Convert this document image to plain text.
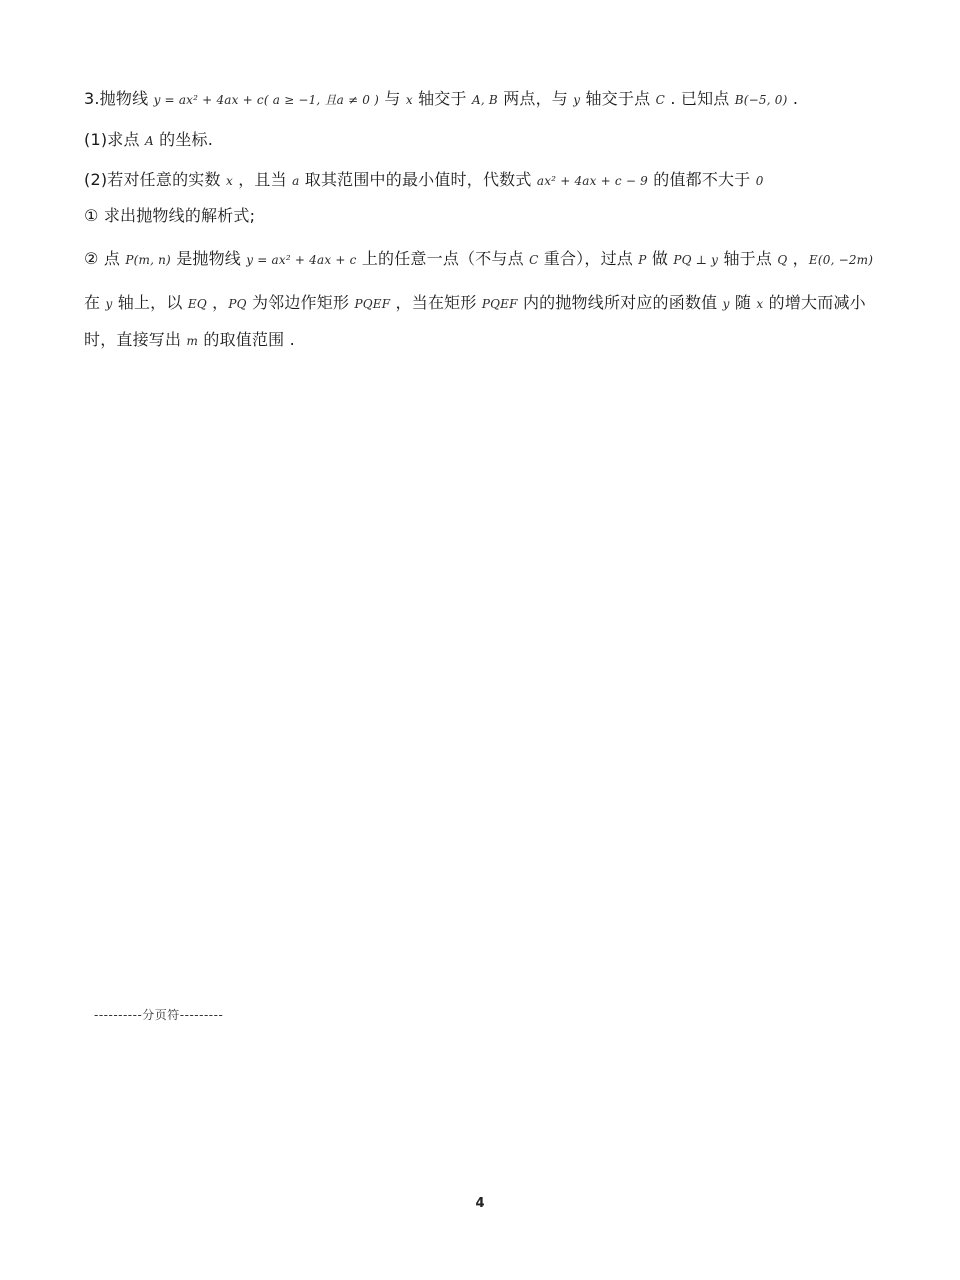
3.抛物线 y = ax² + 4ax + c( a ≥ −1, 且a ≠ 0 ) 与 x 轴交于 A, B 两点，与 y 轴交于点 C . 已知点 B(−5, 0) .
(1)求点 A 的坐标.
(2)若对任意的实数 x ，且当 a 取其范围中的最小值时，代数式 ax² + 4ax + c − 9 的值都不大于 0
① 求出抛物线的解析式;
② 点 P(m, n) 是抛物线 y = ax² + 4ax + c 上的任意一点（不与点 C 重合），过点 P 做 PQ ⊥ y 轴于点 Q ，E(0, −2m)
在 y 轴上，以 EQ ，PQ 为邻边作矩形 PQEF ，当在矩形 PQEF 内的抛物线所对应的函数值 y 随 x 的增大而减小
时，直接写出 m 的取值范围 .
----------分页符---------
4
